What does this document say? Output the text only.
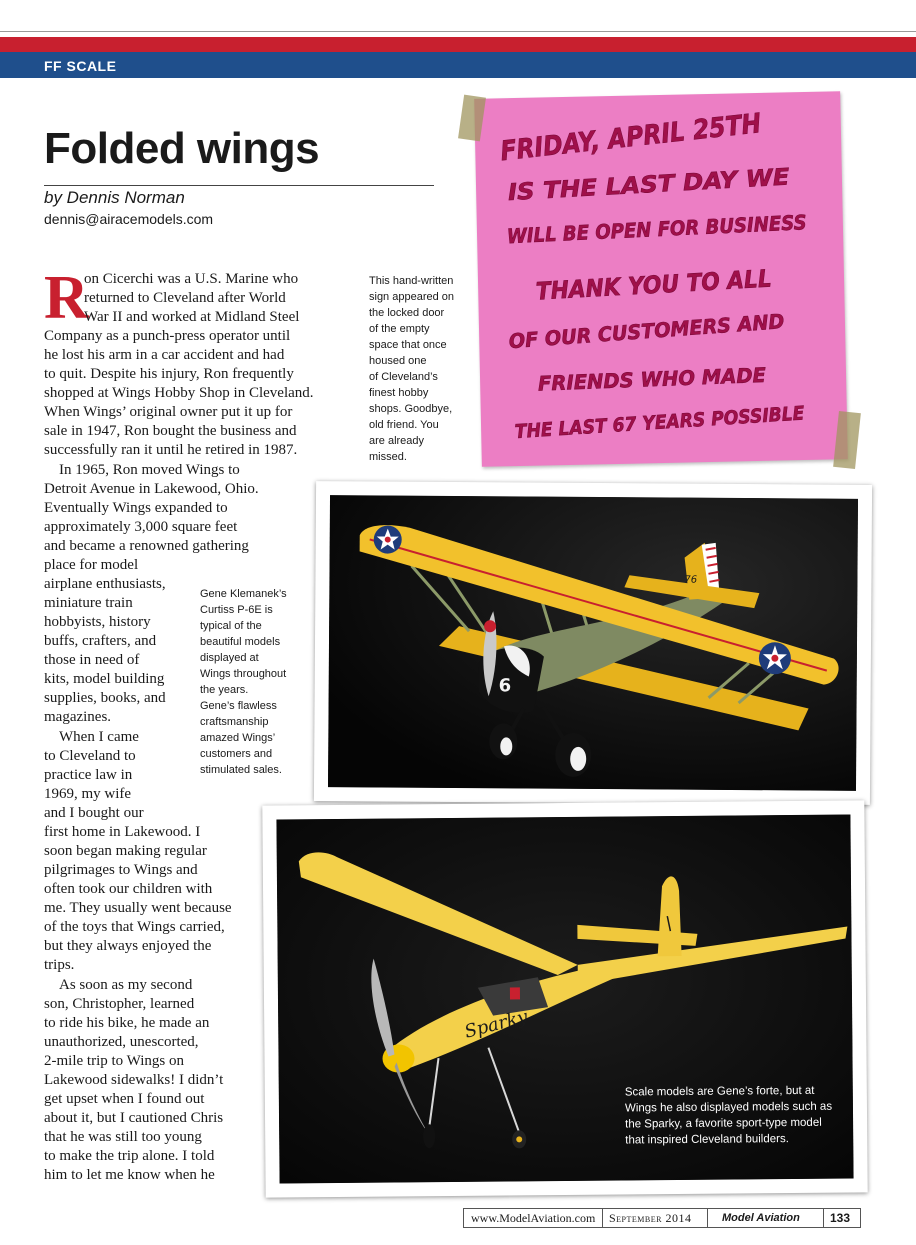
FF SCALE
Folded wings
by Dennis Norman
dennis@airacemodels.com
R
on Cicerchi was a U.S. Marine who
returned to Cleveland after World
War II and worked at Midland Steel
Company as a punch-press operator until
he lost his arm in a car accident and had
to quit. Despite his injury, Ron frequently
shopped at Wings Hobby Shop in Cleveland.
When Wings’ original owner put it up for
sale in 1947, Ron bought the business and
successfully ran it until he retired in 1987.
In 1965, Ron moved Wings to
Detroit Avenue in Lakewood, Ohio.
Eventually Wings expanded to
approximately 3,000 square feet
and became a renowned gathering
place for model
airplane enthusiasts,
miniature train
hobbyists, history
buffs, crafters, and
those in need of
kits, model building
supplies, books, and
magazines.
When I came
to Cleveland to
practice law in
1969, my wife
and I bought our
first home in Lakewood. I
soon began making regular
pilgrimages to Wings and
often took our children with
me. They usually went because
of the toys that Wings carried,
but they always enjoyed the
trips.
As soon as my second
son, Christopher, learned
to ride his bike, he made an
unauthorized, unescorted,
2-mile trip to Wings on
Lakewood sidewalks! I didn’t
get upset when I found out
about it, but I cautioned Chris
that he was still too young
to make the trip alone. I told
him to let me know when he
This hand-written
sign appeared on
the locked door
of the empty
space that once
housed one
of Cleveland’s
finest hobby
shops. Goodbye,
old friend. You
are already
missed.
FRIDAY, APRIL 25TH
IS THE LAST DAY WE
WILL BE OPEN FOR BUSINESS
THANK YOU TO ALL
OF OUR CUSTOMERS AND
FRIENDS WHO MADE
THE LAST 67 YEARS POSSIBLE
Gene Klemanek’s
Curtiss P-6E is
typical of the
beautiful models
displayed at
Wings throughout
the years.
Gene’s flawless
craftsmanship
amazed Wings’
customers and
stimulated sales.
6
76
Sparky
Scale models are Gene’s forte, but at
Wings he also displayed models such as
the Sparky, a favorite sport-type model
that inspired Cleveland builders.
www.ModelAviation.com	September 2014	Model Aviation	133
